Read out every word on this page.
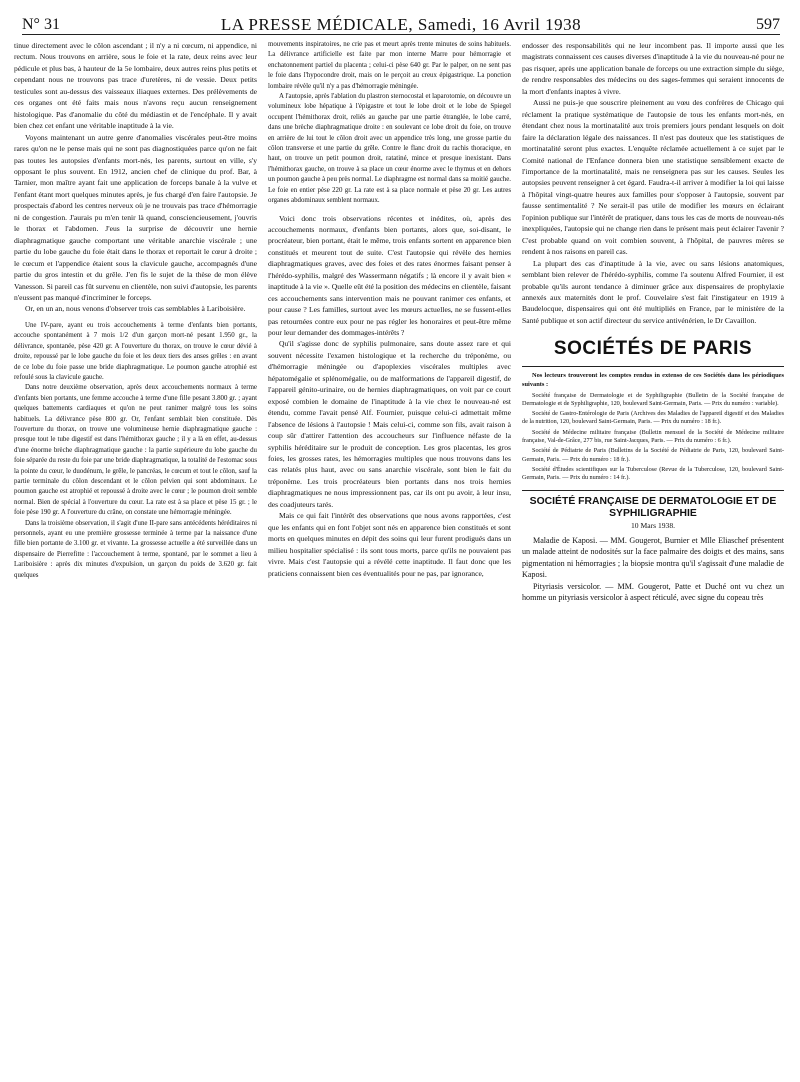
N° 31	LA PRESSE MÉDICALE, Samedi, 16 Avril 1938	597

tinue directement avec le côlon ascendant ; il n'y a ni cœcum, ni appendice, ni rectum. Nous trouvons en arrière, sous le foie et la rate, deux reins avec leur pédicule et plus bas, à hauteur de la 5e lombaire, deux autres reins plus petits et cependant nous ne trouvons pas trace d'uretères, ni de vessie. Deux petits testicules sont au-dessus des vaisseaux iliaques externes. Des prélèvements de ces organes ont été faits mais nous n'avons reçu aucun renseignement histologique. Pas d'anomalie du côté du médiastin et de l'encéphale. Il y avait bien chez cet enfant une véritable inaptitude à la vie.

Voyons maintenant un autre genre d'anomalies viscérales peut-être moins rares qu'on ne le pense mais qui ne sont pas diagnostiquées parce qu'on ne fait pas toutes les autopsies d'enfants mort-nés, les parents, surtout en ville, s'y opposant le plus souvent. En 1912, ancien chef de clinique du prof. Bar, à Tarnier, mon maître ayant fait une application de forceps banale à la vulve et l'enfant étant mort quelques minutes après, je fus chargé d'en faire l'autopsie. Je prospectais d'abord les centres nerveux où je ne trouvais pas trace d'hémorragie ni de congestion. J'aurais pu m'en tenir là quand, consciencieusement, j'ouvris le thorax et l'abdomen. J'eus la surprise de découvrir une hernie diaphragmatique gauche comportant une véritable anarchie viscérale ; une partie du lobe gauche du foie était dans le thorax et reportait le cœur à droite ; le cœcum et l'appendice étaient sous la clavicule gauche, accompagnés d'une partie du gros intestin et du grêle. J'en fis le sujet de la thèse de mon élève Vanesson. Si pareil cas fût survenu en clientèle, non suivi d'autopsie, les parents n'eussent pas manqué d'incriminer le forceps.

Or, en un an, nous venons d'observer trois cas semblables à Lariboisière.

Une IV-pare, ayant eu trois accouchements à terme d'enfants bien portants, accouche spontanément à 7 mois 1/2 d'un garçon mort-né pesant 1.950 gr., la délivrance, spontanée, pèse 420 gr. A l'ouverture du thorax, on trouve le cœur dévié à droite, repoussé par le lobe gauche du foie et les deux tiers des anses grêles : en avant de ce lobe du foie passe une bride diaphragmatique. Le poumon gauche atrophié est refoulé sous la clavicule gauche.

Dans notre deuxième observation, après deux accouchements normaux à terme d'enfants bien portants, une femme accouche à terme d'une fille pesant 3.800 gr. ; ayant quelques battements cardiaques et qu'on ne peut ranimer malgré tous les soins habituels. La délivrance pèse 800 gr. Or, l'enfant semblait bien constituée. Dès l'ouverture du thorax, on trouve une volumineuse hernie diaphragmatique gauche : presque tout le tube digestif est dans l'hémithorax gauche ; il y a là en effet, au-dessus d'une énorme brèche diaphragmatique gauche : la partie supérieure du lobe gauche du foie séparée du reste du foie par une bride diaphragmatique, la totalité de l'estomac sous la pointe du cœur, le duodénum, le grêle, le pancréas, le cœcum et tout le côlon, sauf la partie terminale du côlon descendant et le côlon pelvien qui sont abdominaux. Le poumon gauche est atrophié et repoussé à droite avec le cœur ; le poumon droit semble normal. Bien de spécial à l'ouverture du cœur. La rate est à sa place et pèse 15 gr. ; le foie pèse 190 gr. A l'ouverture du crâne, on constate une hémorragie méningée.

Dans la troisième observation, il s'agit d'une II-pare sans antécédents héréditaires ni personnels, ayant eu une première grossesse terminée à terme par la naissance d'une fille bien portante de 3.100 gr. et vivante. La grossesse actuelle a été surveillée dans un dispensaire de Pierrefitte : l'accouchement à terme, spontané, par le sommet a lieu à Lariboisière : après dix minutes d'expulsion, un garçon du poids de 3.620 gr. fait quelques

mouvements inspiratoires, ne crie pas et meurt après trente minutes de soins habituels. La délivrance artificielle est faite par mon interne Marre pour hémorragie et enchatonnement partiel du placenta ; celui-ci pèse 640 gr. Par le palper, on ne sent pas le foie dans l'hypocondre droit, mais on le perçoit au creux épigastrique. La ponction lombaire révèle qu'il n'y a pas d'hémorragie méningée.

A l'autopsie, après l'ablation du plastron sternocostal et laparotomie, on découvre un volumineux lobe hépatique à l'épigastre et tout le lobe droit et le lobe de Spiegel occupent l'hémithorax droit, reliés au gauche par une partie étranglée, le lobe carré, dans une brèche diaphragmatique droite : en soulevant ce lobe droit du foie, on trouve en arrière de lui tout le côlon droit avec un appendice très long, une grosse partie du côlon transverse et une partie du grêle. Contre le flanc droit du rachis thoracique, en haut, on trouve un petit poumon droit, ratatiné, mince et presque inexistant. Dans l'hémithorax gauche, on trouve à sa place un cœur énorme avec le thymus et en dehors un poumon gauche à peu près normal. Le diaphragme est normal dans sa moitié gauche. Le foie en entier pèse 220 gr. La rate est à sa place normale et pèse 20 gr. Les autres organes abdominaux semblent normaux.

Voici donc trois observations récentes et inédites, où, après des accouchements normaux, d'enfants bien portants, alors que, soi-disant, le procréateur, bien portant, était le même, trois enfants sortent en apparence bien constitués et meurent tout de suite. C'est l'autopsie qui révèle des hernies diaphragmatiques graves, avec des foies et des rates énormes faisant penser à l'hérédo-syphilis, malgré des Wassermann négatifs ; là encore il y avait bien « inaptitude à la vie ». Quelle eût été la position des médecins en clientèle, faisant ces accouchements sans intervention mais ne pouvant ranimer ces enfants, et pour cause ? Les familles, surtout avec les mœurs actuelles, ne se fussent-elles pas retournées contre eux pour ne pas régler les honoraires et peut-être même pour leur demander des dommages-intérêts ?

Qu'il s'agisse donc de syphilis pulmonaire, sans doute assez rare et qui souvent nécessite l'examen histologique et la recherche du tréponème, ou d'hémorragie méningée ou d'apoplexies viscérales multiples avec hépatomégalie et splénomégalie, ou de malformations de l'appareil digestif, de l'appareil génito-urinaire, ou de hernies diaphragmatiques, on voit par ce court exposé combien le domaine de l'inaptitude à la vie chez le nouveau-né est étendu, comme l'avait pensé Alf. Fournier, puisque celui-ci admettait même l'absence de lésions à l'autopsie ! Mais celui-ci, comme son fils, avait raison à coup sûr d'attirer l'attention des accoucheurs sur l'influence néfaste de la syphilis héréditaire sur le produit de conception. Les gros placentas, les gros foies, les grosses rates, les hémorragies multiples que nous trouvons dans les cas relatés plus haut, avec ou sans anarchie viscérale, sont bien le fait du tréponème. Les trois procréateurs bien portants dans nos trois hernies diaphragmatiques ne nous impressionnent pas, car ils ont pu avoir, à leur insu, des coadjuteurs tarés.

Mais ce qui fait l'intérêt des observations que nous avons rapportées, c'est que les enfants qui en font l'objet sont nés en apparence bien constitués et sont morts en quelques minutes en dépit des soins qui leur furent prodigués dans un milieu hospitalier spécialisé : ils sont tous morts, parce qu'ils ne pouvaient pas vivre. Mais c'est l'autopsie qui a révélé cette inaptitude. Il faut donc que les praticiens connaissent bien ces éventualités pour ne pas, par ignorance,

endosser des responsabilités qui ne leur incombent pas. Il importe aussi que les magistrats connaissent ces causes diverses d'inaptitude à la vie du nouveau-né pour ne pas risquer, après une application banale de forceps ou une extraction simple du siège, de rendre responsables des médecins ou des sages-femmes qui seraient innocents de la mort d'enfants inaptes à vivre.

Aussi ne puis-je que souscrire pleinement au vœu des confrères de Chicago qui réclament la pratique systématique de l'autopsie de tous les enfants mort-nés, en étendant chez nous la mortinatalité aux trois premiers jours pendant lesquels on doit faire la déclaration légale des naissances. Il n'est pas douteux que les statistiques de mortinatalité seront plus exactes. L'enquête réclamée actuellement à ce sujet par le Comité national de l'Enfance donnera bien une statistique sensiblement exacte de l'importance de la mortinatalité, mais ne renseignera pas sur les causes. Seules les autopsies peuvent renseigner à cet égard. Faudra-t-il arriver à modifier la loi qui laisse à l'hôpital vingt-quatre heures aux familles pour s'opposer à l'autopsie, souvent par fausse sentimentalité ? Ne serait-il pas utile de modifier les mœurs en éclairant l'opinion publique sur l'intérêt de pratiquer, dans tous les cas de morts de nouveau-nés inexpliquées, l'autopsie qui ne change rien dans le présent mais peut éclairer l'avenir ? C'est probable quand on voit combien souvent, à l'hôpital, de pauvres mères se rendent à nos raisons en pareil cas.

La plupart des cas d'inaptitude à la vie, avec ou sans lésions anatomiques, semblant bien relever de l'hérédo-syphilis, comme l'a soutenu Alfred Fournier, il est probable qu'ils auront tendance à diminuer grâce aux dispensaires de prophylaxie annexés aux maternités dont le prof. Couvelaire s'est fait l'instigateur en 1919 à Baudelocque, dispensaires qui ont été multipliés en France, par le ministère de la Santé publique et son actif directeur du service antivénérien, le Dr Cavaillon.

SOCIÉTÉS DE PARIS

Nos lecteurs trouveront les comptes rendus in extenso de ces Sociétés dans les périodiques suivants :

Société française de Dermatologie et de Syphiligraphie (Bulletin de la Société française de Dermatologie et de Syphiligraphie, 120, boulevard Saint-Germain, Paris. — Prix du numéro : variable).

Société de Gastro-Entérologie de Paris (Archives des Maladies de l'appareil digestif et des Maladies de la nutrition, 120, boulevard Saint-Germain, Paris. — Prix du numéro : 18 fr.).

Société de Médecine militaire française (Bulletin mensuel de la Société de Médecine militaire française, Val-de-Grâce, 277 bis, rue Saint-Jacques, Paris. — Prix du numéro : 6 fr.).

Société de Pédiatrie de Paris (Bulletins de la Société de Pédiatrie de Paris, 120, boulevard Saint-Germain, Paris. — Prix du numéro : 18 fr.).

Société d'Études scientifiques sur la Tuberculose (Revue de la Tuberculose, 120, boulevard Saint-Germain, Paris. — Prix du numéro : 14 fr.).

SOCIÉTÉ FRANÇAISE DE DERMATOLOGIE ET DE SYPHILIGRAPHIE

10 Mars 1938.

Maladie de Kaposi. — MM. Gougerot, Burnier et Mlle Eliaschef présentent un malade atteint de nodosités sur la face palmaire des doigts et des mains, sans pigmentation ni hémorragies ; la biopsie montra qu'il s'agissait d'une maladie de Kaposi.

Pityriasis versicolor. — MM. Gougerot, Patte et Duché ont vu chez un homme un pityriasis versicolor à aspect réticulé, avec signe du copeau très
